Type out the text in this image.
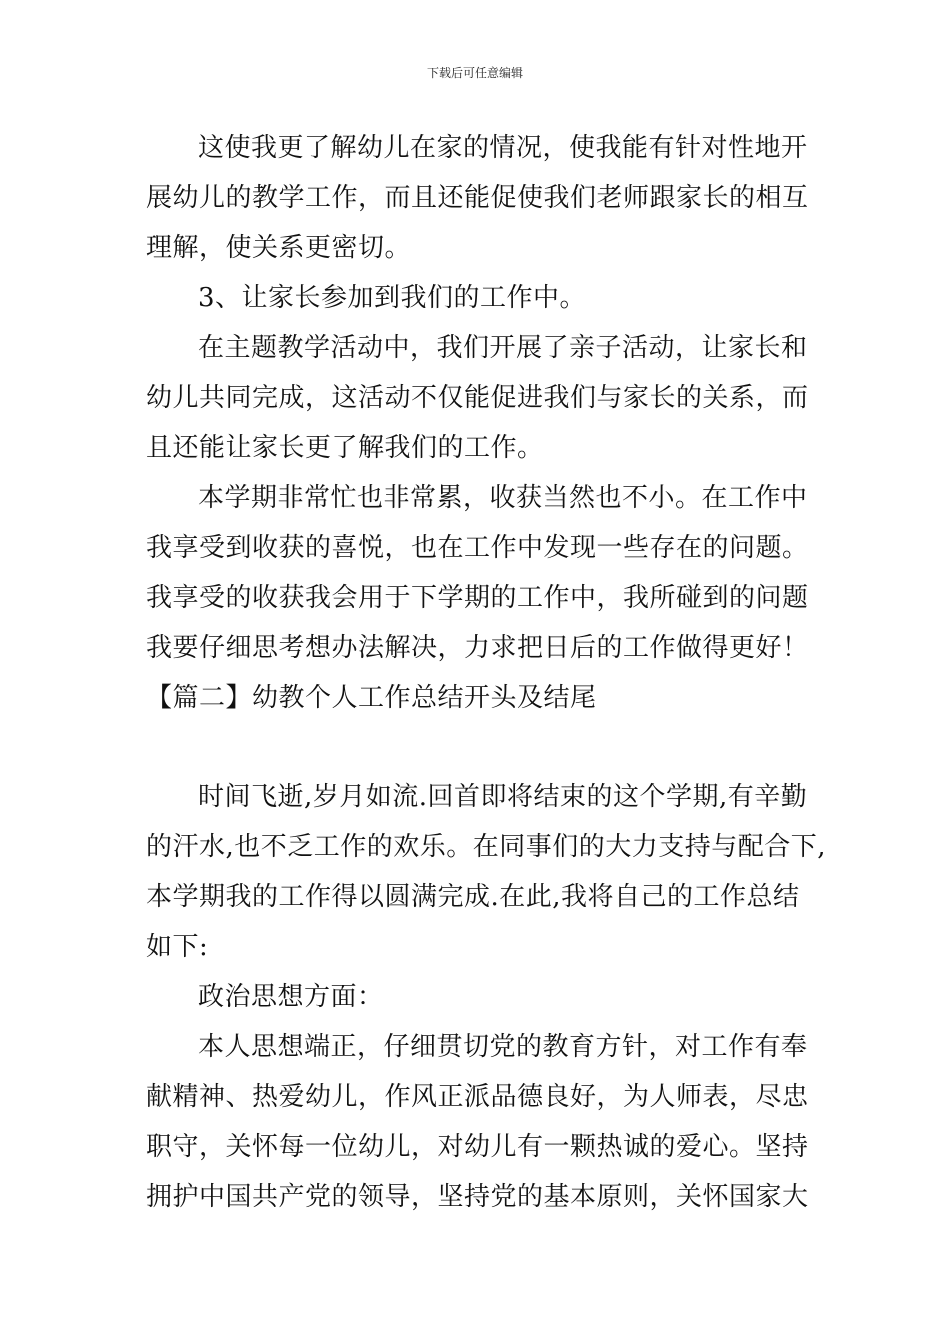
下载后可任意编辑
这使我更了解幼儿在家的情况，使我能有针对性地开
展幼儿的教学工作，而且还能促使我们老师跟家长的相互
理解，使关系更密切。
3、让家长参加到我们的工作中。
在主题教学活动中，我们开展了亲子活动，让家长和
幼儿共同完成，这活动不仅能促进我们与家长的关系，而
且还能让家长更了解我们的工作。
本学期非常忙也非常累，收获当然也不小。在工作中
我享受到收获的喜悦，也在工作中发现一些存在的问题。
我享受的收获我会用于下学期的工作中，我所碰到的问题
我要仔细思考想办法解决，力求把日后的工作做得更好！
【篇二】幼教个人工作总结开头及结尾
时间飞逝,岁月如流.回首即将结束的这个学期,有辛勤
的汗水,也不乏工作的欢乐。在同事们的大力支持与配合下,
本学期我的工作得以圆满完成.在此,我将自己的工作总结
如下:
政治思想方面：
本人思想端正，仔细贯切党的教育方针，对工作有奉
献精神、热爱幼儿，作风正派品德良好，为人师表，尽忠
职守，关怀每一位幼儿，对幼儿有一颗热诚的爱心。坚持
拥护中国共产党的领导，坚持党的基本原则，关怀国家大
